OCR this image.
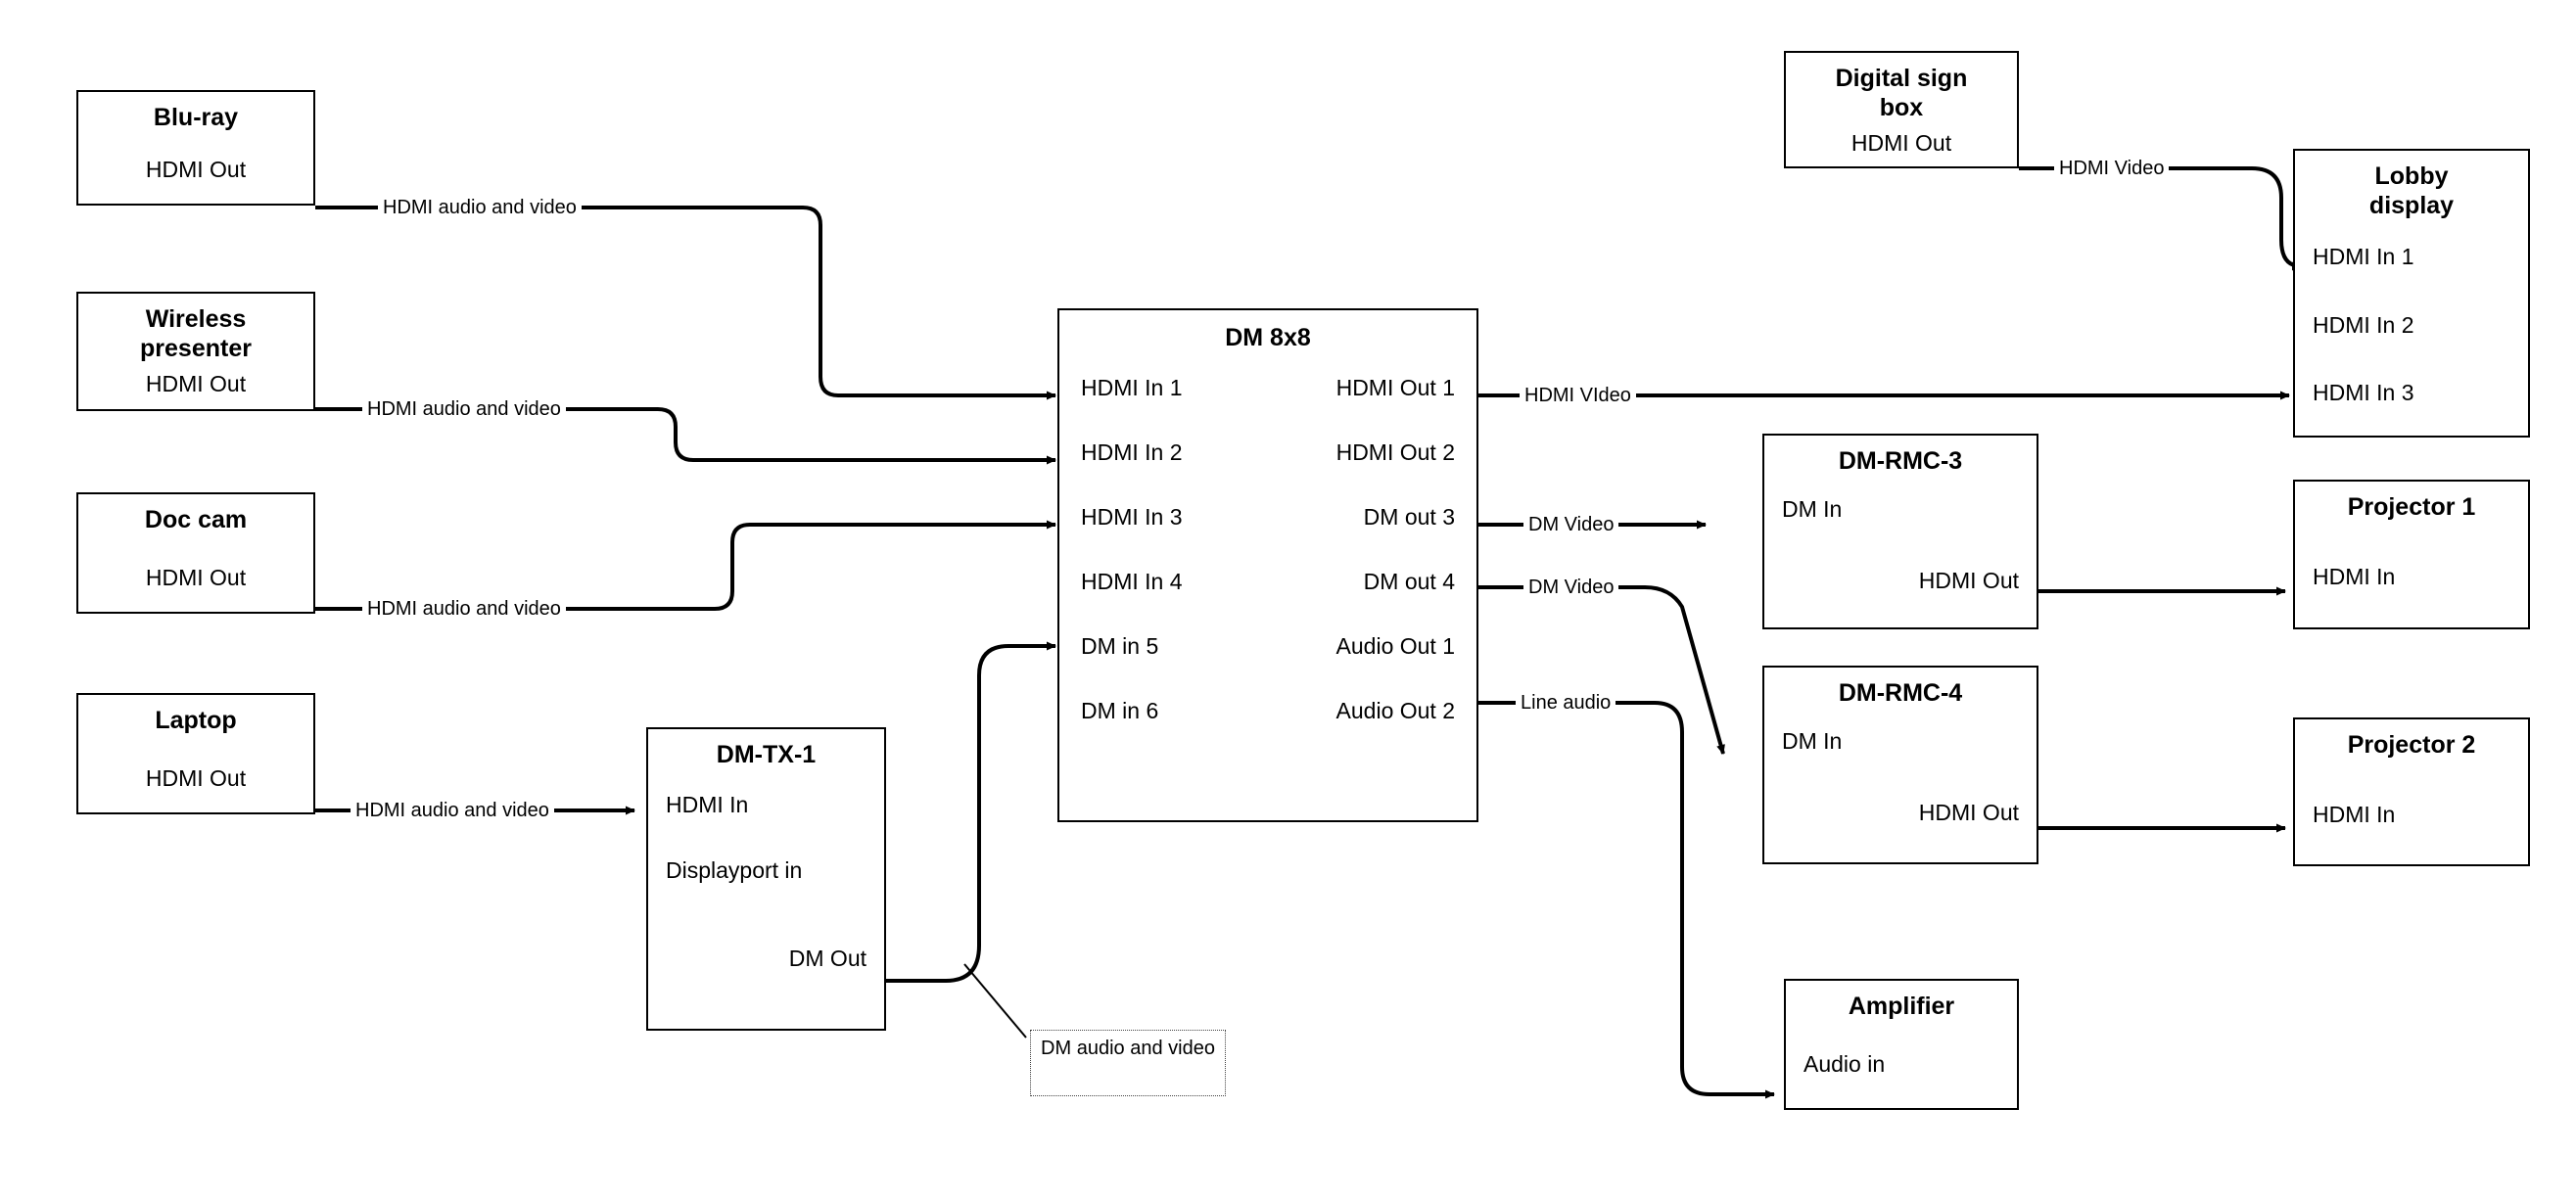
Blu-ray
HDMI Out
Wireless
presenter
HDMI Out
Doc cam
HDMI Out
Laptop
HDMI Out
DM-TX-1
HDMI In
Displayport in
DM Out
DM 8x8
HDMI In 1
HDMI In 2
HDMI In 3
HDMI In 4
DM in 5
DM in 6
HDMI Out 1
HDMI Out 2
DM out 3
DM out 4
Audio Out 1
Audio Out 2
Digital sign
box
HDMI Out
Lobby
display
HDMI In 1
HDMI In 2
HDMI In 3
DM-RMC-3
DM In
HDMI Out
DM-RMC-4
DM In
HDMI Out
Projector 1
HDMI In
Projector 2
HDMI In
Amplifier
Audio in
HDMI audio and video
HDMI audio and video
HDMI audio and video
HDMI audio and video
HDMI Video
HDMI VIdeo
DM Video
DM Video
Line audio
DM audio and video
